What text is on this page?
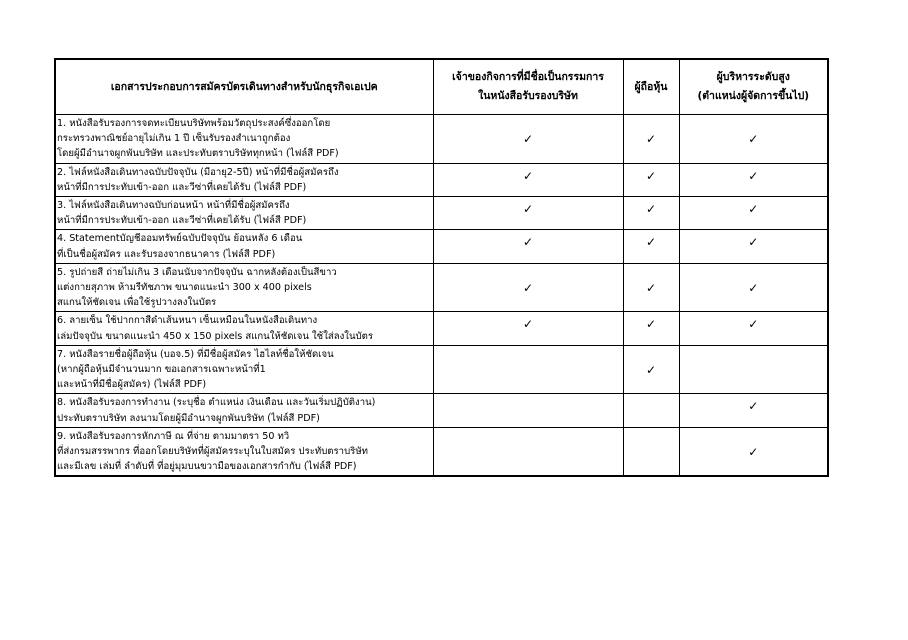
เอกสารประกอบการสมัครบัตรเดินทางสำหรับนักธุรกิจเอเปค	เจ้าของกิจการที่มีชื่อเป็นกรรมการ
ในหนังสือรับรองบริษัท	ผู้ถือหุ้น	ผู้บริหารระดับสูง
(ตำแหน่งผู้จัดการขึ้นไป)

1. หนังสือรับรองการจดทะเบียนบริษัทพร้อมวัตถุประสงค์ซึ่งออกโดย
กระทรวงพาณิชย์อายุไม่เกิน 1 ปี เซ็นรับรองสำเนาถูกต้อง
โดยผู้มีอำนาจผูกพันบริษัท และประทับตราบริษัททุกหน้า (ไฟล์สี PDF)	✓	✓	✓

2. ไฟล์หนังสือเดินทางฉบับปัจจุบัน (มีอายุ2-5ปี) หน้าที่มีชื่อผู้สมัครถึง
หน้าที่มีการประทับเข้า-ออก และวีซ่าที่เคยได้รับ (ไฟล์สี PDF)	✓	✓	✓

3. ไฟล์หนังสือเดินทางฉบับก่อนหน้า หน้าที่มีชื่อผู้สมัครถึง
หน้าที่มีการประทับเข้า-ออก และวีซ่าที่เคยได้รับ (ไฟล์สี PDF)	✓	✓	✓

4. Statementบัญชีออมทรัพย์ฉบับปัจจุบัน ย้อนหลัง 6 เดือน
ที่เป็นชื่อผู้สมัคร และรับรองจากธนาคาร (ไฟล์สี PDF)	✓	✓	✓

5. รูปถ่ายสี ถ่ายไม่เกิน 3 เดือนนับจากปัจจุบัน ฉากหลังต้องเป็นสีขาว
แต่งกายสุภาพ ห้ามรีทัชภาพ ขนาดแนะนำ 300 x 400 pixels
สแกนให้ชัดเจน เพื่อใช้รูปวางลงในบัตร	✓	✓	✓

6. ลายเซ็น ใช้ปากกาสีดำเส้นหนา เซ็นเหมือนในหนังสือเดินทาง
เล่มปัจจุบัน ขนาดแนะนำ 450 x 150 pixels สแกนให้ชัดเจน ใช้ใส่ลงในบัตร	✓	✓	✓

7. หนังสือรายชื่อผู้ถือหุ้น (บอจ.5) ที่มีชื่อผู้สมัคร ไฮไลท์ชื่อให้ชัดเจน
(หากผู้ถือหุ้นมีจำนวนมาก ขอเอกสารเฉพาะหน้าที่1
และหน้าที่มีชื่อผู้สมัคร) (ไฟล์สี PDF)		✓	

8. หนังสือรับรองการทำงาน (ระบุชื่อ ตำแหน่ง เงินเดือน และวันเริ่มปฏิบัติงาน)
ประทับตราบริษัท ลงนามโดยผู้มีอำนาจผูกพันบริษัท (ไฟล์สี PDF)			✓

9. หนังสือรับรองการหักภาษี ณ ที่จ่าย ตามมาตรา 50 ทวิ
ที่ส่งกรมสรรพากร ที่ออกโดยบริษัทที่ผู้สมัครระบุในใบสมัคร ประทับตราบริษัท
และมีเลข เล่มที่ ลำดับที่ ที่อยู่มุมบนขวามือของเอกสารกำกับ (ไฟล์สี PDF)			✓
